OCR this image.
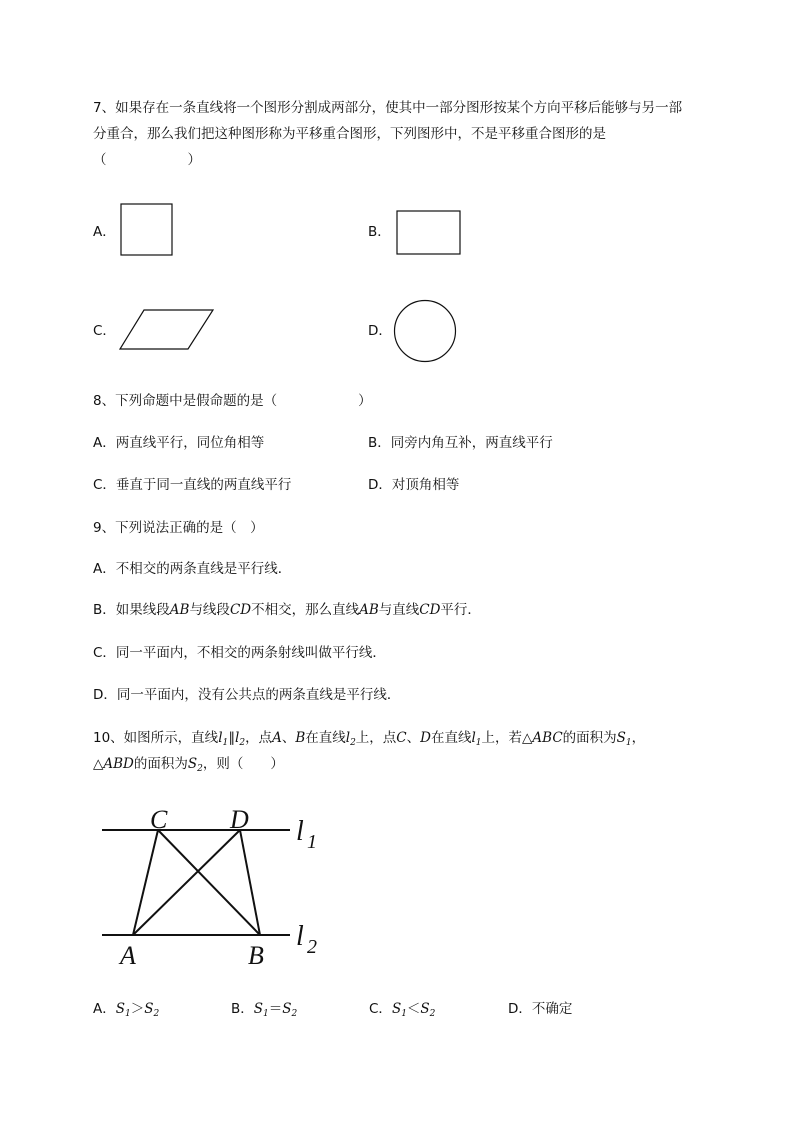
7、如果存在一条直线将一个图形分割成两部分，使其中一部分图形按某个方向平移后能够与另一部
分重合，那么我们把这种图形称为平移重合图形，下列图形中，不是平移重合图形的是
（　　　　　　）
A．	B．
C．	D．
8、下列命题中是假命题的是（　　　　　　）
A．两直线平行，同位角相等	B．同旁内角互补，两直线平行
C．垂直于同一直线的两直线平行	D．对顶角相等
9、下列说法正确的是（　）
A．不相交的两条直线是平行线．
B．如果线段AB与线段CD不相交，那么直线AB与直线CD平行．
C．同一平面内，不相交的两条射线叫做平行线．
D．同一平面内，没有公共点的两条直线是平行线．
10、如图所示，直线$l_1\parallel l_2$，点A、B在直线$l_2$上，点C、D在直线$l_1$上，若△ABC的面积为$S_1$，
△ABD的面积为$S_2$，则（　　）
C D
A	B
l 1
l 2
A．$S_1>S_2$	B．$S_1=S_2$	C．$S_1<S_2$	D．不确定
